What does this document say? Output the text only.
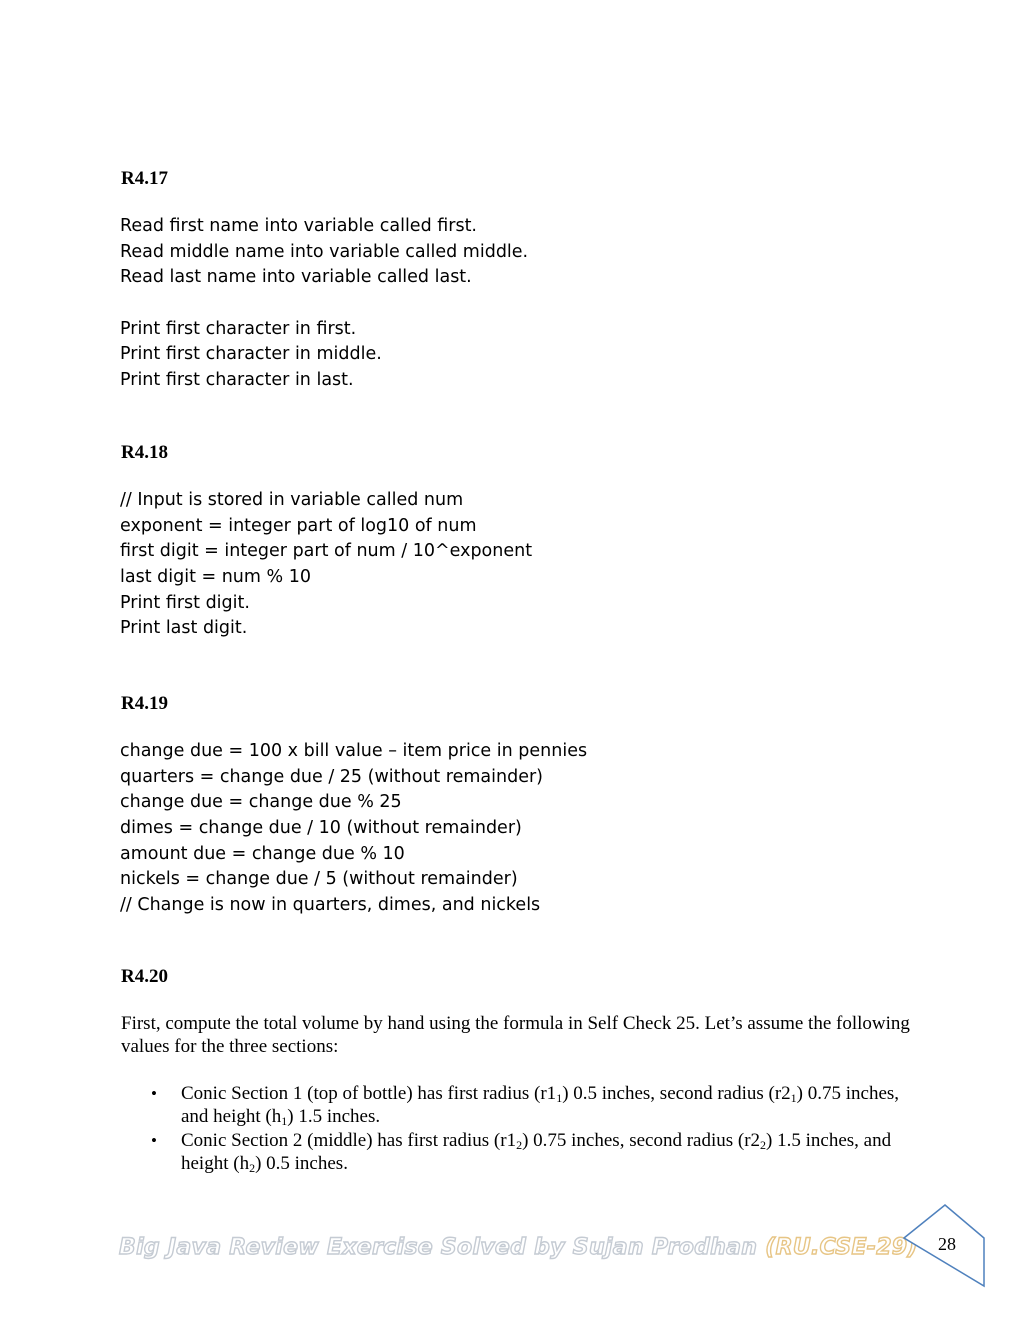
R4.17
Read first name into variable called first.
Read middle name into variable called middle.
Read last name into variable called last.
Print first character in first.
Print first character in middle.
Print first character in last.
R4.18
// Input is stored in variable called num
exponent = integer part of log10 of num
first digit = integer part of num / 10^exponent
last digit = num % 10
Print first digit.
Print last digit.
R4.19
change due = 100 x bill value – item price in pennies
quarters = change due / 25 (without remainder)
change due = change due % 25
dimes = change due / 10 (without remainder)
amount due = change due % 10
nickels = change due / 5 (without remainder)
// Change is now in quarters, dimes, and nickels
R4.20

First, compute the total volume by hand using the formula in Self Check 25. Let’s assume the following values for the three sections:

• Conic Section 1 (top of bottle) has first radius $(r1_1)$ 0.5 inches, second radius $(r2_1)$ 0.75 inches, and height $(h_1)$ 1.5 inches.
• Conic Section 2 (middle) has first radius $(r1_2)$ 0.75 inches, second radius $(r2_2)$ 1.5 inches, and height $(h_2)$ 0.5 inches.
Big Java Review Exercise Solved by Sujan Prodhan (RU.CSE-29)	28
